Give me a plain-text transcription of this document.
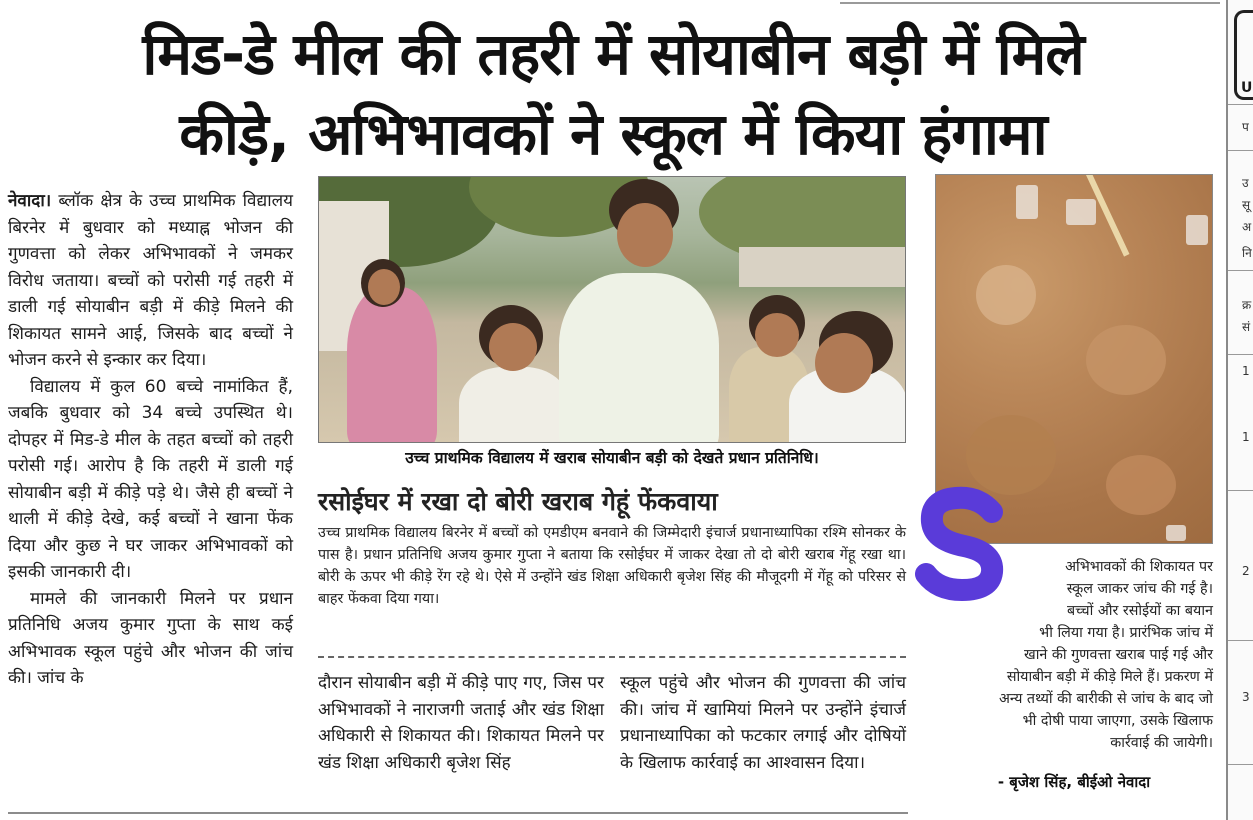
मिड-डे मील की तहरी में सोयाबीन बड़ी में मिले
कीड़े, अभिभावकों ने स्कूल में किया हंगामा

नेवादा। ब्लॉक क्षेत्र के उच्च प्राथमिक विद्यालय बिरनेर में बुधवार को मध्याह्न भोजन की गुणवत्ता को लेकर अभिभावकों ने जमकर विरोध जताया। बच्चों को परोसी गई तहरी में डाली गई सोयाबीन बड़ी में कीड़े मिलने की शिकायत सामने आई, जिसके बाद बच्चों ने भोजन करने से इन्कार कर दिया।

विद्यालय में कुल 60 बच्चे नामांकित हैं, जबकि बुधवार को 34 बच्चे उपस्थित थे। दोपहर में मिड-डे मील के तहत बच्चों को तहरी परोसी गई। आरोप है कि तहरी में डाली गई सोयाबीन बड़ी में कीड़े पड़े थे। जैसे ही बच्चों ने थाली में कीड़े देखे, कई बच्चों ने खाना फेंक दिया और कुछ ने घर जाकर अभिभावकों को इसकी जानकारी दी।

मामले की जानकारी मिलने पर प्रधान प्रतिनिधि अजय कुमार गुप्ता के साथ कई अभिभावक स्कूल पहुंचे और भोजन की जांच की। जांच के

उच्च प्राथमिक विद्यालय में खराब सोयाबीन बड़ी को देखते प्रधान प्रतिनिधि।
रसोईघर में रखा दो बोरी खराब गेहूं फेंकवाया
उच्च प्राथमिक विद्यालय बिरनेर में बच्चों को एमडीएम बनवाने की जिम्मेदारी इंचार्ज प्रधानाध्यापिका रश्मि सोनकर के पास है। प्रधान प्रतिनिधि अजय कुमार गुप्ता ने बताया कि रसोईघर में जाकर देखा तो दो बोरी खराब गेंहू रखा था। बोरी के ऊपर भी कीड़े रेंग रहे थे। ऐसे में उन्होंने खंड शिक्षा अधिकारी बृजेश सिंह की मौजूदगी में गेंहू को परिसर से बाहर फेंकवा दिया गया।
दौरान सोयाबीन बड़ी में कीड़े पाए गए, जिस पर अभिभावकों ने नाराजगी जताई और खंड शिक्षा अधिकारी से शिकायत की। शिकायत मिलने पर खंड शिक्षा अधिकारी बृजेश सिंह
स्कूल पहुंचे और भोजन की गुणवत्ता की जांच की। जांच में खामियां मिलने पर उन्होंने इंचार्ज प्रधानाध्यापिका को फटकार लगाई और दोषियों के खिलाफ कार्रवाई का आश्वासन दिया।
अभिभावकों की शिकायत पर
स्कूल जाकर जांच की गई है।
बच्चों और रसोईयों का बयान
भी लिया गया है। प्रारंभिक जांच में
खाने की गुणवत्ता खराब पाई गई और
सोयाबीन बड़ी में कीड़े मिले हैं। प्रकरण में
अन्य तथ्यों की बारीकी से जांच के बाद जो
भी दोषी पाया जाएगा, उसके खिलाफ
कार्रवाई की जायेगी।
- बृजेश सिंह, बीईओ नेवादा
U
प
उ
सू
अ
नि
क्र
सं
1
1
2
3
